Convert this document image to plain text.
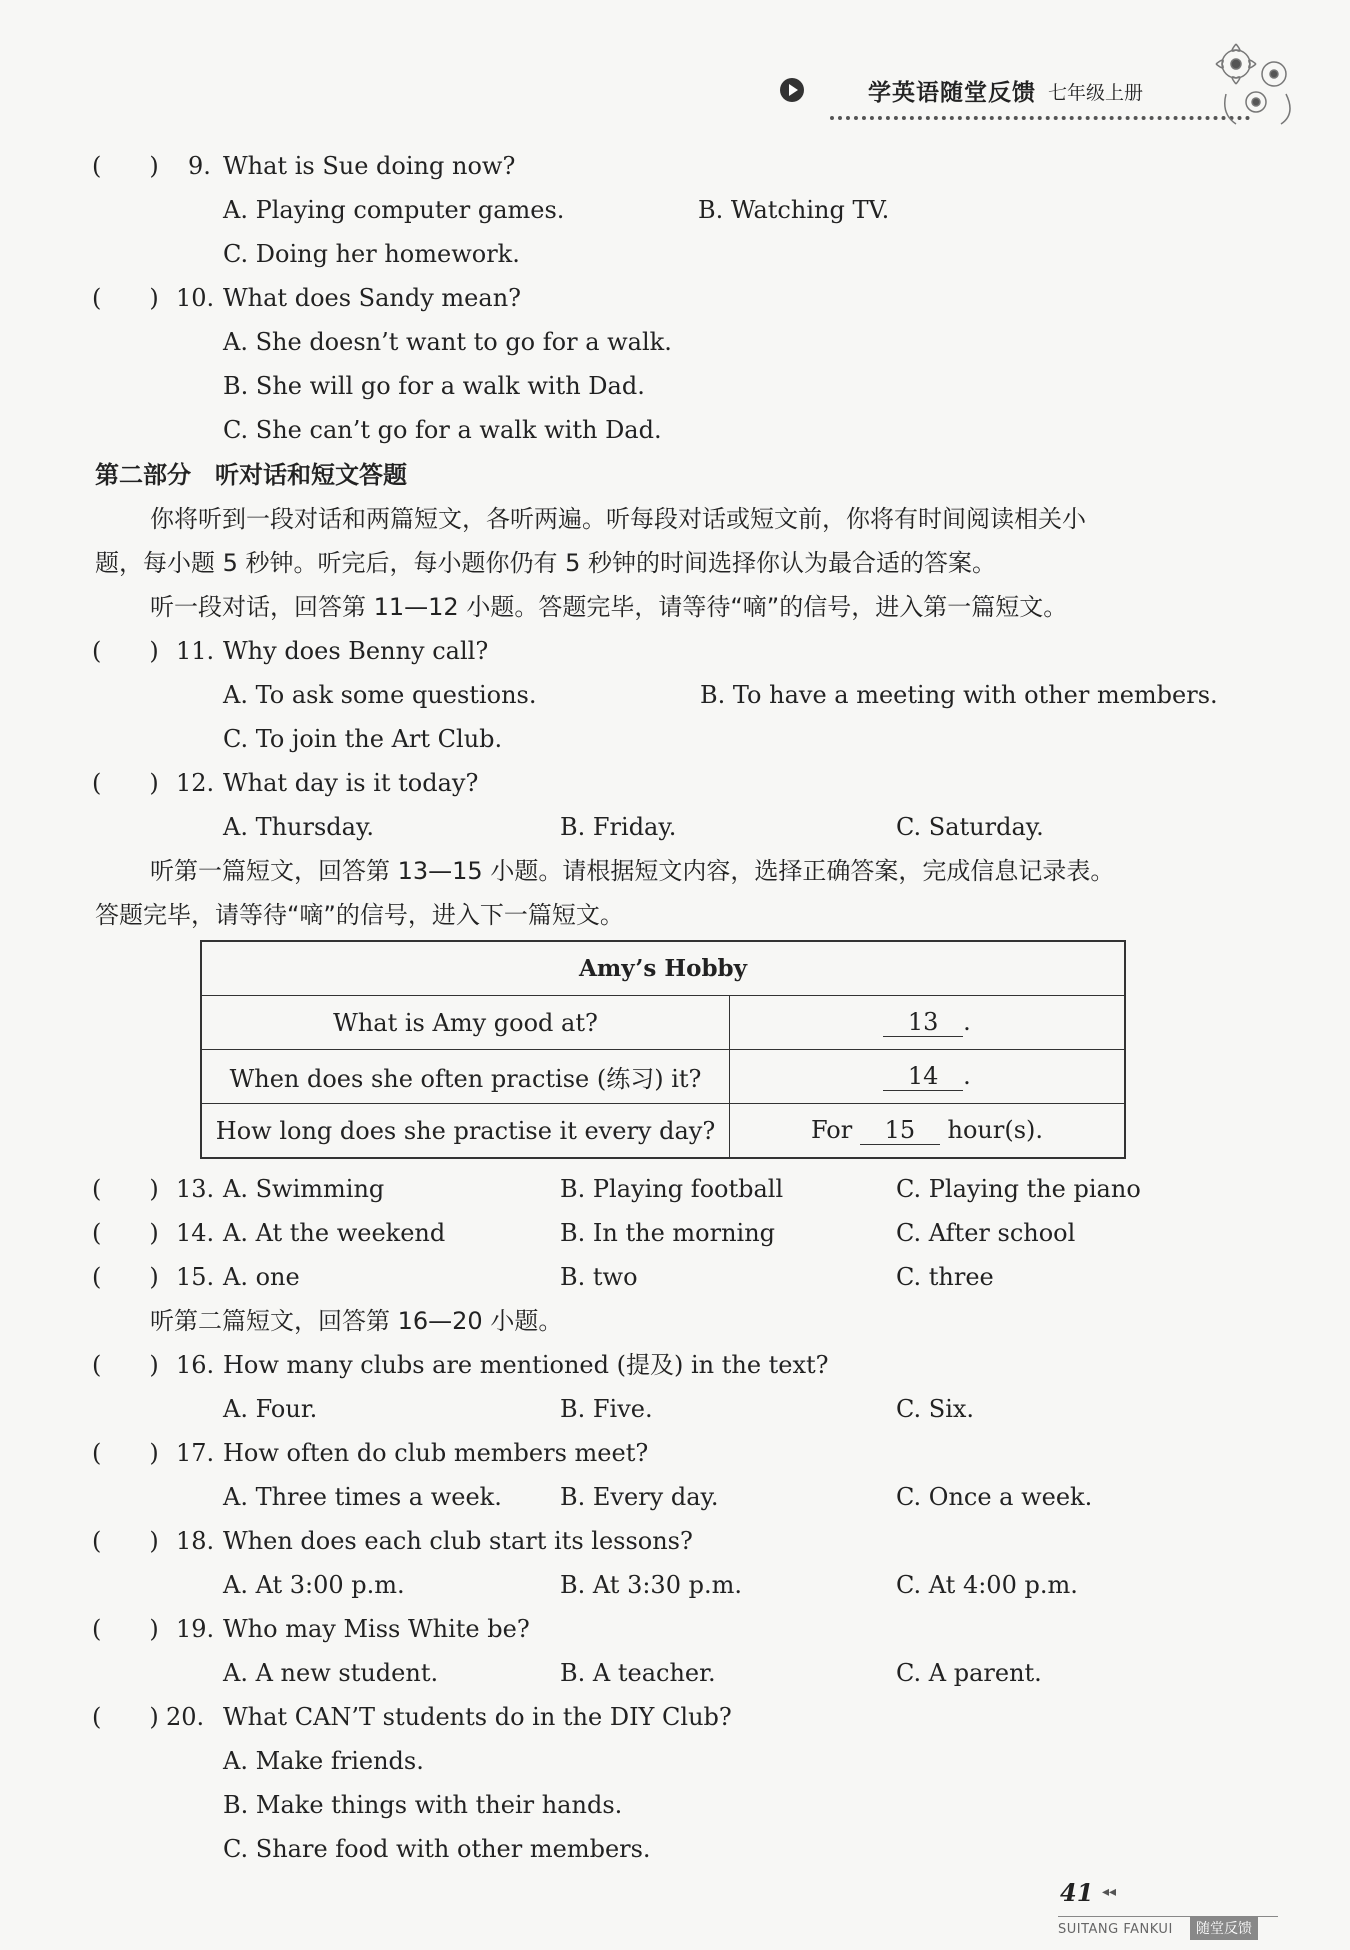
学英语随堂反馈 七年级上册
(　　) 9. What is Sue doing now?
A. Playing computer games.	B. Watching TV.
C. Doing her homework.
(　　) 10. What does Sandy mean?
A. She doesn’t want to go for a walk.
B. She will go for a walk with Dad.
C. She can’t go for a walk with Dad.
第二部分　听对话和短文答题
你将听到一段对话和两篇短文，各听两遍。听每段对话或短文前，你将有时间阅读相关小
题，每小题 5 秒钟。听完后，每小题你仍有 5 秒钟的时间选择你认为最合适的答案。
听一段对话，回答第 11—12 小题。答题完毕，请等待“嘀”的信号，进入第一篇短文。
(　　) 11. Why does Benny call?
A. To ask some questions.	B. To have a meeting with other members.
C. To join the Art Club.
(　　) 12. What day is it today?
A. Thursday.	B. Friday.	C. Saturday.
听第一篇短文，回答第 13—15 小题。请根据短文内容，选择正确答案，完成信息记录表。
答题完毕，请等待“嘀”的信号，进入下一篇短文。
Amy’s Hobby	
What is Amy good at?	13 .
When does she often practise (练习) it?	14 .
How long does she practise it every day?	For 15 hour(s).
(　　) 13. A. Swimming	B. Playing football	C. Playing the piano
(　　) 14. A. At the weekend	B. In the morning	C. After school
(　　) 15. A. one	B. two	C. three
听第二篇短文，回答第 16—20 小题。
(　　) 16. How many clubs are mentioned (提及) in the text?
A. Four.	B. Five.	C. Six.
(　　) 17. How often do club members meet?
A. Three times a week. B. Every day.	C. Once a week.
(　　) 18. When does each club start its lessons?
A. At 3:00 p.m.	B. At 3:30 p.m.	C. At 4:00 p.m.
(　　) 19. Who may Miss White be?
A. A new student.	B. A teacher.	C. A parent.
(　　) 20. What CAN’T students do in the DIY Club?
A. Make friends.
B. Make things with their hands.
C. Share food with other members.
41 ◂◂
SUITANG FANKUI	随堂反馈
